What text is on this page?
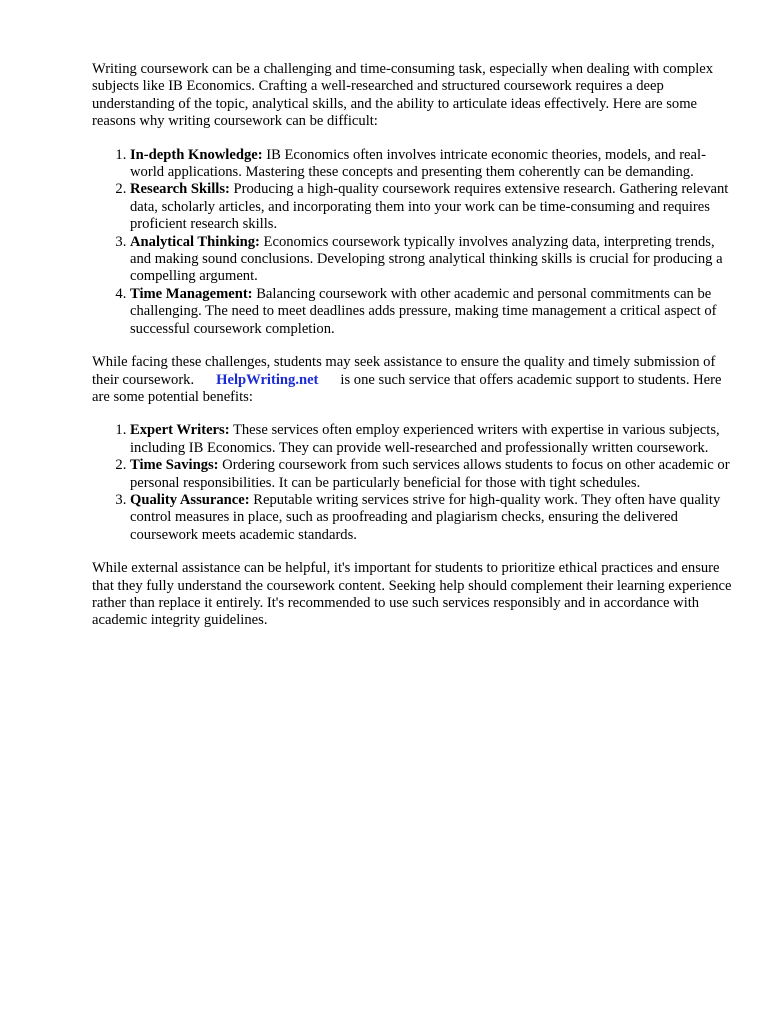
Writing coursework can be a challenging and time-consuming task, especially when dealing with complex subjects like IB Economics. Crafting a well-researched and structured coursework requires a deep understanding of the topic, analytical skills, and the ability to articulate ideas effectively. Here are some reasons why writing coursework can be difficult:

1. In-depth Knowledge: IB Economics often involves intricate economic theories, models, and real-world applications. Mastering these concepts and presenting them coherently can be demanding.
2. Research Skills: Producing a high-quality coursework requires extensive research. Gathering relevant data, scholarly articles, and incorporating them into your work can be time-consuming and requires proficient research skills.
3. Analytical Thinking: Economics coursework typically involves analyzing data, interpreting trends, and making sound conclusions. Developing strong analytical thinking skills is crucial for producing a compelling argument.
4. Time Management: Balancing coursework with other academic and personal commitments can be challenging. The need to meet deadlines adds pressure, making time management a critical aspect of successful coursework completion.

While facing these challenges, students may seek assistance to ensure the quality and timely submission of their coursework. HelpWriting.net is one such service that offers academic support to students. Here are some potential benefits:

1. Expert Writers: These services often employ experienced writers with expertise in various subjects, including IB Economics. They can provide well-researched and professionally written coursework.
2. Time Savings: Ordering coursework from such services allows students to focus on other academic or personal responsibilities. It can be particularly beneficial for those with tight schedules.
3. Quality Assurance: Reputable writing services strive for high-quality work. They often have quality control measures in place, such as proofreading and plagiarism checks, ensuring the delivered coursework meets academic standards.

While external assistance can be helpful, it's important for students to prioritize ethical practices and ensure that they fully understand the coursework content. Seeking help should complement their learning experience rather than replace it entirely. It's recommended to use such services responsibly and in accordance with academic integrity guidelines.
